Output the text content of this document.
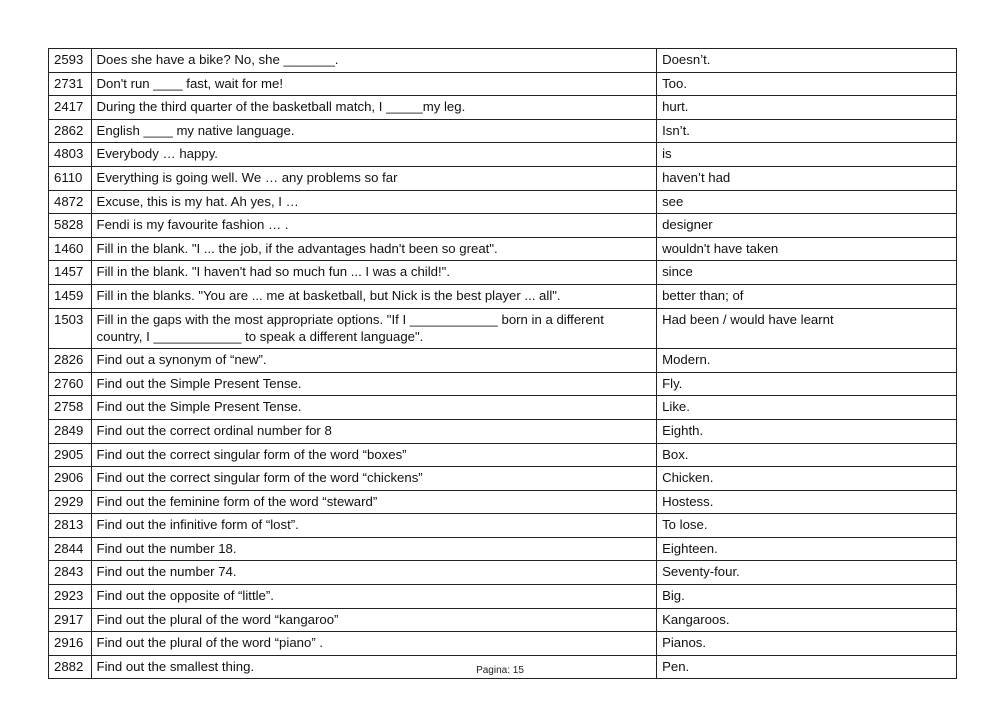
2593	Does she have a bike? No, she _______.	Doesn’t.
2731	Don't run ____ fast, wait for me!	Too.
2417	During the third quarter of the basketball match, I _____my leg.	hurt.
2862	English ____ my native language.	Isn’t.
4803	Everybody … happy.	is
6110	Everything is going well. We … any problems so far	haven’t had
4872	Excuse, this is my hat. Ah yes, I …	see
5828	Fendi is my favourite fashion … .	designer
1460	Fill in the blank. "I ... the job, if the advantages hadn't been so great".	wouldn't have taken
1457	Fill in the blank. "I haven't had so much fun ... I was a child!".	since
1459	Fill in the blanks. "You are ... me at basketball, but Nick is the best player ... all".	better than; of
1503	Fill in the gaps with the most appropriate options. "If I ____________ born in a different country, I ____________ to speak a different language".	Had been / would have learnt
2826	Find out a synonym of “new”.	Modern.
2760	Find out the Simple Present Tense.	Fly.
2758	Find out the Simple Present Tense.	Like.
2849	Find out the correct ordinal number for 8	Eighth.
2905	Find out the correct singular form of the word “boxes”	Box.
2906	Find out the correct singular form of the word “chickens”	Chicken.
2929	Find out the feminine form of the word “steward”	Hostess.
2813	Find out the infinitive form of “lost”.	To lose.
2844	Find out the number 18.	Eighteen.
2843	Find out the number 74.	Seventy-four.
2923	Find out the opposite of “little”.	Big.
2917	Find out the plural of the word “kangaroo”	Kangaroos.
2916	Find out the plural of the word “piano” .	Pianos.
2882	Find out the smallest thing.	Pen.
Pagina: 15
